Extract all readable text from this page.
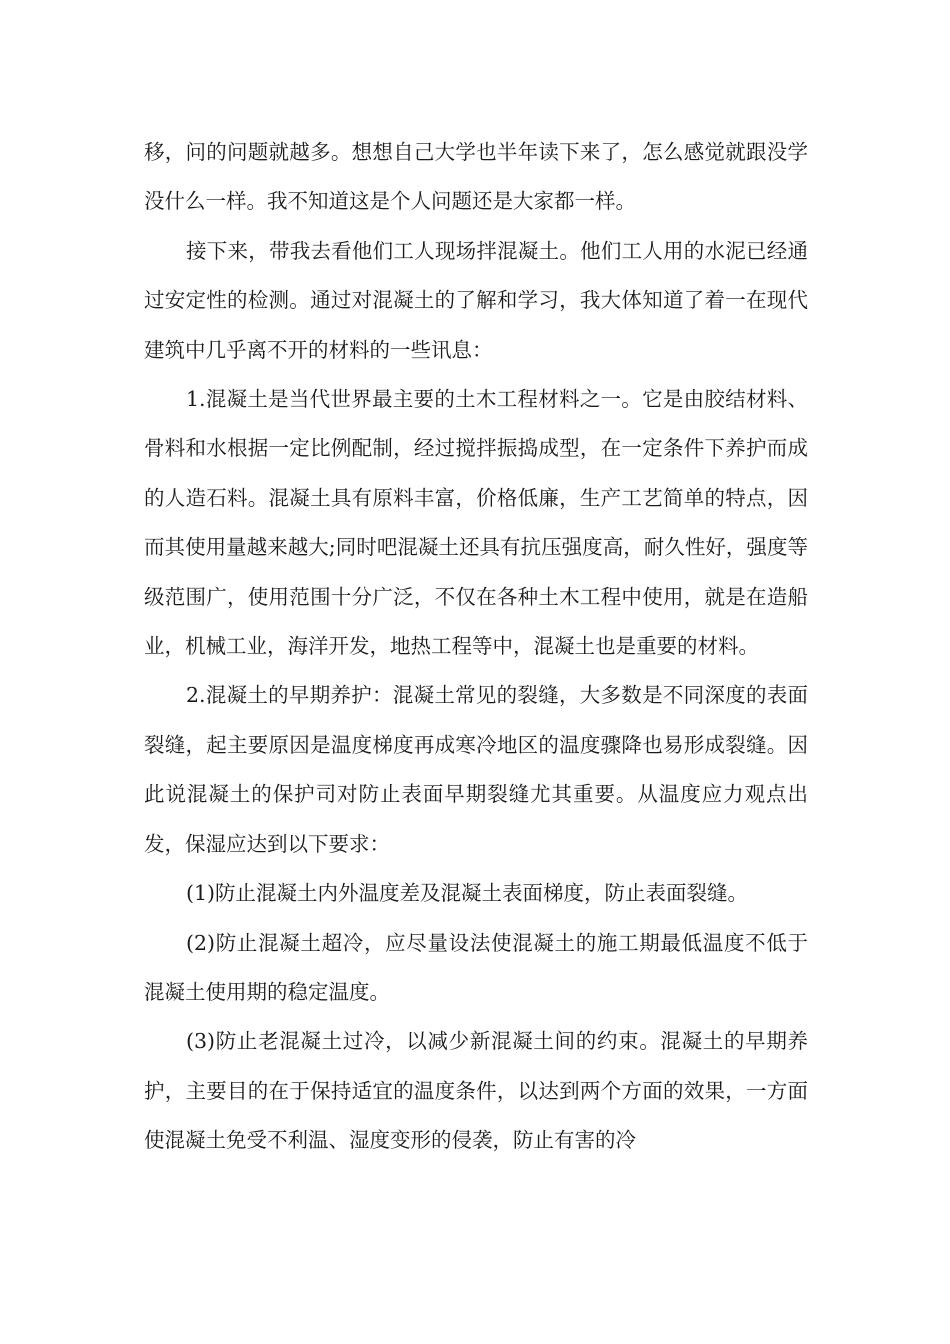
移，问的问题就越多。想想自己大学也半年读下来了，怎么感觉就跟没学没什么一样。我不知道这是个人问题还是大家都一样。

接下来，带我去看他们工人现场拌混凝土。他们工人用的水泥已经通过安定性的检测。通过对混凝土的了解和学习，我大体知道了着一在现代建筑中几乎离不开的材料的一些讯息：

1.混凝土是当代世界最主要的土木工程材料之一。它是由胶结材料、骨料和水根据一定比例配制，经过搅拌振捣成型，在一定条件下养护而成的人造石料。混凝土具有原料丰富，价格低廉，生产工艺简单的特点，因而其使用量越来越大;同时吧混凝土还具有抗压强度高，耐久性好，强度等级范围广，使用范围十分广泛，不仅在各种土木工程中使用，就是在造船业，机械工业，海洋开发，地热工程等中，混凝土也是重要的材料。

2.混凝土的早期养护：混凝土常见的裂缝，大多数是不同深度的表面裂缝，起主要原因是温度梯度再成寒冷地区的温度骤降也易形成裂缝。因此说混凝土的保护司对防止表面早期裂缝尤其重要。从温度应力观点出发，保湿应达到以下要求：

(1)防止混凝土内外温度差及混凝土表面梯度，防止表面裂缝。

(2)防止混凝土超冷，应尽量设法使混凝土的施工期最低温度不低于混凝土使用期的稳定温度。

(3)防止老混凝土过冷，以减少新混凝土间的约束。混凝土的早期养护，主要目的在于保持适宜的温度条件，以达到两个方面的效果，一方面使混凝土免受不利温、湿度变形的侵袭，防止有害的冷
